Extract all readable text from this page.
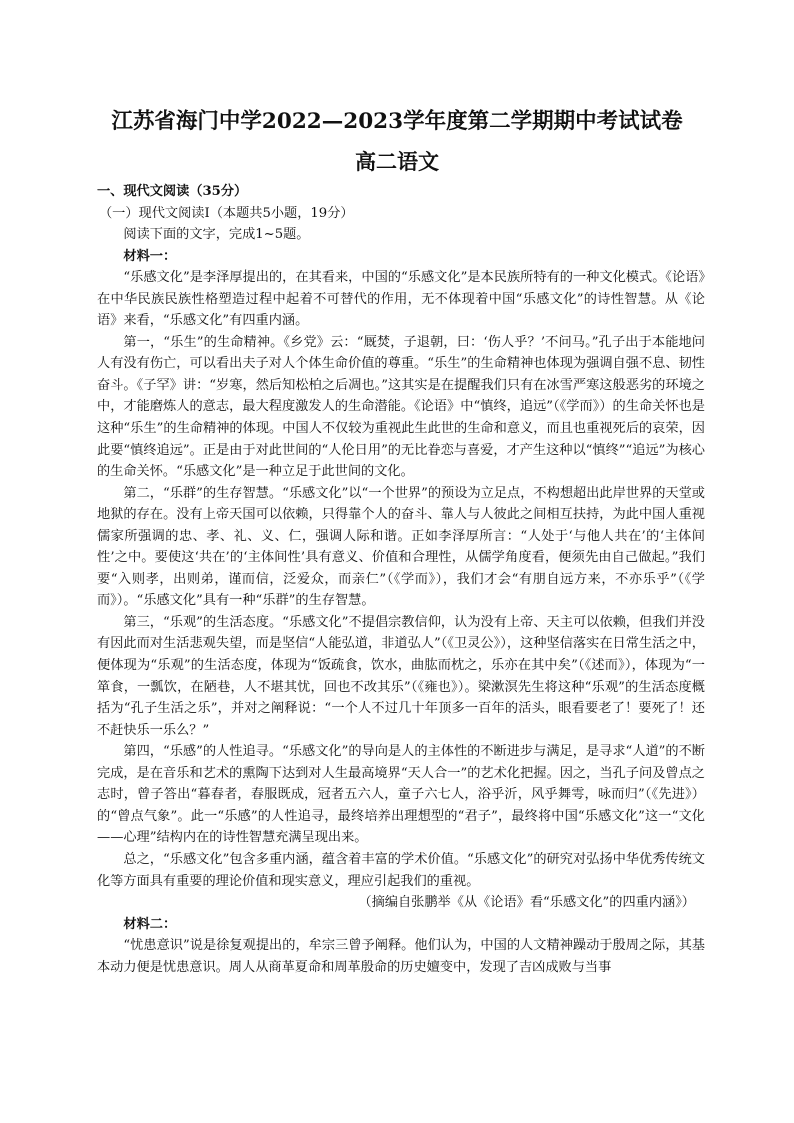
江苏省海门中学2022—2023学年度第二学期期中考试试卷
高二语文

一、现代文阅读（35分）

（一）现代文阅读Ⅰ（本题共5小题，19分）

阅读下面的文字，完成1~5题。

材料一：

“乐感文化”是李泽厚提出的，在其看来，中国的“乐感文化”是本民族所特有的一种文化模式。《论语》在中华民族民族性格塑造过程中起着不可替代的作用，无不体现着中国“乐感文化”的诗性智慧。从《论语》来看，“乐感文化”有四重内涵。

第一，“乐生”的生命精神。《乡党》云：“厩焚，子退朝，曰：‘伤人乎？’不问马。”孔子出于本能地问人有没有伤亡，可以看出夫子对人个体生命价值的尊重。“乐生”的生命精神也体现为强调自强不息、韧性奋斗。《子罕》讲：“岁寒，然后知松柏之后凋也。”这其实是在提醒我们只有在冰雪严寒这般恶劣的环境之中，才能磨炼人的意志，最大程度激发人的生命潜能。《论语》中“慎终，追远”（《学而》）的生命关怀也是这种“乐生”的生命精神的体现。中国人不仅较为重视此生此世的生命和意义，而且也重视死后的哀荣，因此要“慎终追远”。正是由于对此世间的“人伦日用”的无比眷恋与喜爱，才产生这种以“慎终”“追远”为核心的生命关怀。“乐感文化”是一种立足于此世间的文化。

第二，“乐群”的生存智慧。“乐感文化”以“一个世界”的预设为立足点，不构想超出此岸世界的天堂或地狱的存在。没有上帝天国可以依赖，只得靠个人的奋斗、靠人与人彼此之间相互扶持，为此中国人重视儒家所强调的忠、孝、礼、义、仁，强调人际和谐。正如李泽厚所言：“人处于‘与他人共在’的‘主体间性’之中。要使这‘共在’的‘主体间性’具有意义、价值和合理性，从儒学角度看，便须先由自己做起。”我们要“入则孝，出则弟，谨而信，泛爱众，而亲仁”（《学而》），我们才会“有朋自远方来，不亦乐乎”（《学而》）。“乐感文化”具有一种“乐群”的生存智慧。

第三，“乐观”的生活态度。“乐感文化”不提倡宗教信仰，认为没有上帝、天主可以依赖，但我们并没有因此而对生活悲观失望，而是坚信“人能弘道，非道弘人”（《卫灵公》），这种坚信落实在日常生活之中，便体现为“乐观”的生活态度，体现为“饭疏食，饮水，曲肱而枕之，乐亦在其中矣”（《述而》），体现为“一箪食，一瓢饮，在陋巷，人不堪其忧，回也不改其乐”（《雍也》）。梁漱溟先生将这种“乐观”的生活态度概括为“孔子生活之乐”，并对之阐释说：“一个人不过几十年顶多一百年的活头，眼看要老了！要死了！还不赶快乐一乐么？”

第四，“乐感”的人性追寻。“乐感文化”的导向是人的主体性的不断进步与满足，是寻求“人道”的不断完成，是在音乐和艺术的熏陶下达到对人生最高境界“天人合一”的艺术化把握。因之，当孔子问及曾点之志时，曾子答出“暮春者，春服既成，冠者五六人，童子六七人，浴乎沂，风乎舞雩，咏而归”（《先进》）的“曾点气象”。此一“乐感”的人性追寻，最终培养出理想型的“君子”，最终将中国“乐感文化”这一“文化——心理”结构内在的诗性智慧充满呈现出来。

总之，“乐感文化”包含多重内涵，蕴含着丰富的学术价值。“乐感文化”的研究对弘扬中华优秀传统文化等方面具有重要的理论价值和现实意义，理应引起我们的重视。

（摘编自张鹏举《从《论语》看“乐感文化”的四重内涵》）

材料二：

“忧患意识”说是徐复观提出的，牟宗三曾予阐释。他们认为，中国的人文精神躁动于殷周之际，其基本动力便是忧患意识。周人从商革夏命和周革殷命的历史嬗变中，发现了吉凶成败与当事
